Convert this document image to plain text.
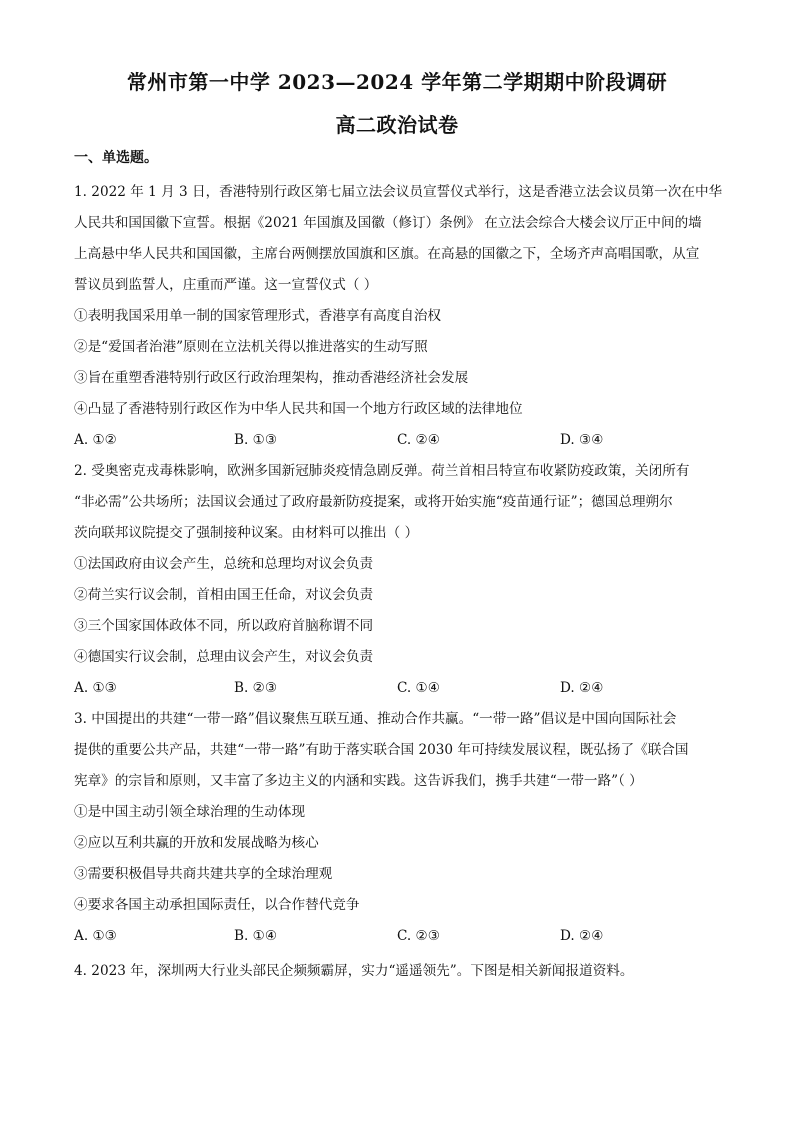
常州市第一中学 2023—2024 学年第二学期期中阶段调研
高二政治试卷
一、单选题。
1. 2022 年 1 月 3 日，香港特别行政区第七届立法会议员宣誓仪式举行，这是香港立法会议员第一次在中华
人民共和国国徽下宣誓。根据《2021 年国旗及国徽（修订）条例》 在立法会综合大楼会议厅正中间的墙
上高悬中华人民共和国国徽，主席台两侧摆放国旗和区旗。在高悬的国徽之下，全场齐声高唱国歌，从宣
誓议员到监誓人，庄重而严谨。这一宣誓仪式（ ）
①表明我国采用单一制的国家管理形式，香港享有高度自治权
②是“爱国者治港”原则在立法机关得以推进落实的生动写照
③旨在重塑香港特别行政区行政治理架构，推动香港经济社会发展
④凸显了香港特别行政区作为中华人民共和国一个地方行政区域的法律地位
A. ①②	B. ①③	C. ②④	D. ③④
2. 受奥密克戎毒株影响，欧洲多国新冠肺炎疫情急剧反弹。荷兰首相吕特宣布收紧防疫政策，关闭所有
“非必需”公共场所；法国议会通过了政府最新防疫提案，或将开始实施“疫苗通行证”；德国总理朔尔
茨向联邦议院提交了强制接种议案。由材料可以推出（ ）
①法国政府由议会产生，总统和总理均对议会负责
②荷兰实行议会制，首相由国王任命，对议会负责
③三个国家国体政体不同，所以政府首脑称谓不同
④德国实行议会制，总理由议会产生，对议会负责
A. ①③	B. ②③	C. ①④	D. ②④
3. 中国提出的共建“一带一路”倡议聚焦互联互通、推动合作共赢。“一带一路”倡议是中国向国际社会
提供的重要公共产品，共建“一带一路”有助于落实联合国 2030 年可持续发展议程，既弘扬了《联合国
宪章》的宗旨和原则，又丰富了多边主义的内涵和实践。这告诉我们，携手共建“一带一路”（ ）
①是中国主动引领全球治理的生动体现
②应以互利共赢的开放和发展战略为核心
③需要积极倡导共商共建共享的全球治理观
④要求各国主动承担国际责任，以合作替代竞争
A. ①③	B. ①④	C. ②③	D. ②④
4. 2023 年，深圳两大行业头部民企频频霸屏，实力“遥遥领先”。下图是相关新闻报道资料。
